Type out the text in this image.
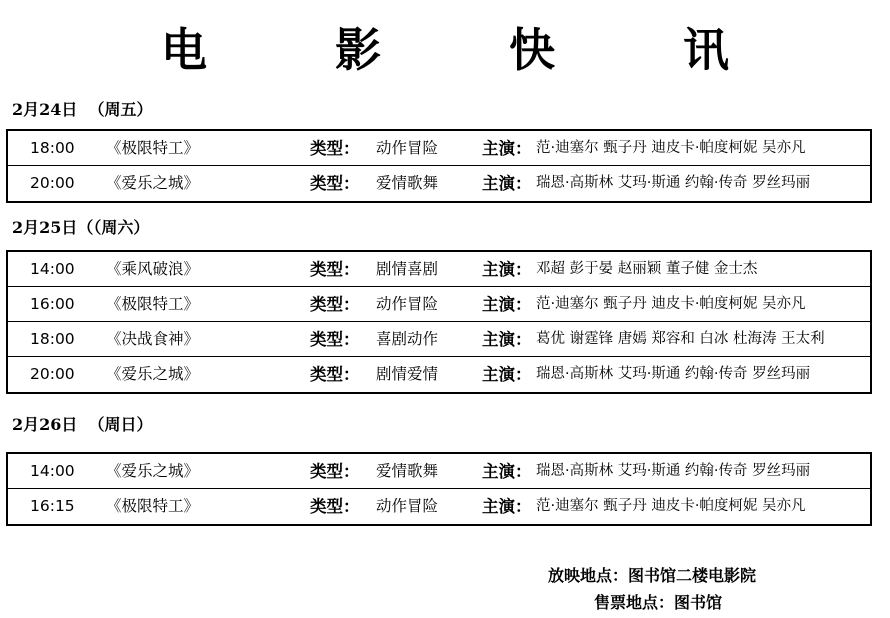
电 影 快 讯
2月24日  （周五）
18:00 《极限特工》	类型： 动作冒险	主演： 范·迪塞尔 甄子丹 迪皮卡·帕度柯妮 吴亦凡
20:00 《爱乐之城》	类型： 爱情歌舞	主演： 瑞恩·高斯林 艾玛·斯通 约翰·传奇 罗丝玛丽
2月25日（（周六）
14:00 《乘风破浪》	类型： 剧情喜剧	主演： 邓超 彭于晏 赵丽颖 董子健 金士杰
16:00 《极限特工》	类型： 动作冒险	主演： 范·迪塞尔 甄子丹 迪皮卡·帕度柯妮 吴亦凡
18:00 《决战食神》	类型： 喜剧动作	主演： 葛优 谢霆锋 唐嫣 郑容和 白冰 杜海涛 王太利
20:00 《爱乐之城》	类型： 剧情爱情	主演： 瑞恩·高斯林 艾玛·斯通 约翰·传奇 罗丝玛丽
2月26日  （周日）
14:00 《爱乐之城》	类型： 爱情歌舞	主演： 瑞恩·高斯林 艾玛·斯通 约翰·传奇 罗丝玛丽
16:15 《极限特工》	类型： 动作冒险	主演： 范·迪塞尔 甄子丹 迪皮卡·帕度柯妮 吴亦凡
放映地点：图书馆二楼电影院
售票地点：图书馆
